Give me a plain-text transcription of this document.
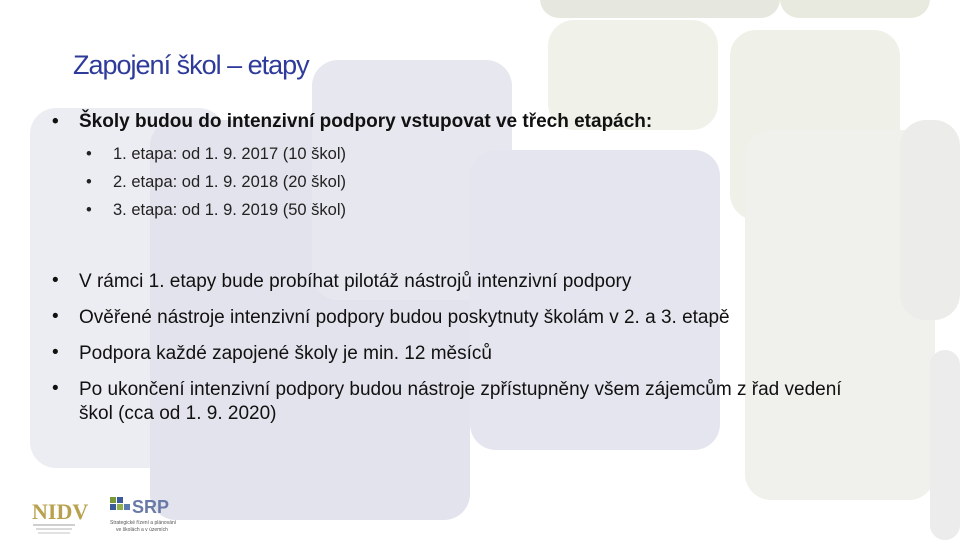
Zapojení škol – etapy
• Školy budou do intenzivní podpory vstupovat ve třech etapách:
• 1. etapa: od 1. 9. 2017 (10 škol)
• 2. etapa: od 1. 9. 2018 (20 škol)
• 3. etapa: od 1. 9. 2019 (50 škol)
• V rámci 1. etapy bude probíhat pilotáž nástrojů intenzivní podpory
• Ověřené nástroje intenzivní podpory budou poskytnuty školám v 2. a 3. etapě
• Podpora každé zapojené školy je min. 12 měsíců
• Po ukončení intenzivní podpory budou nástroje zpřístupněny všem zájemcům z řad vedení škol (cca od 1. 9. 2020)
NIDV SRP
Strategické řízení a plánování
ve školách a v územích
